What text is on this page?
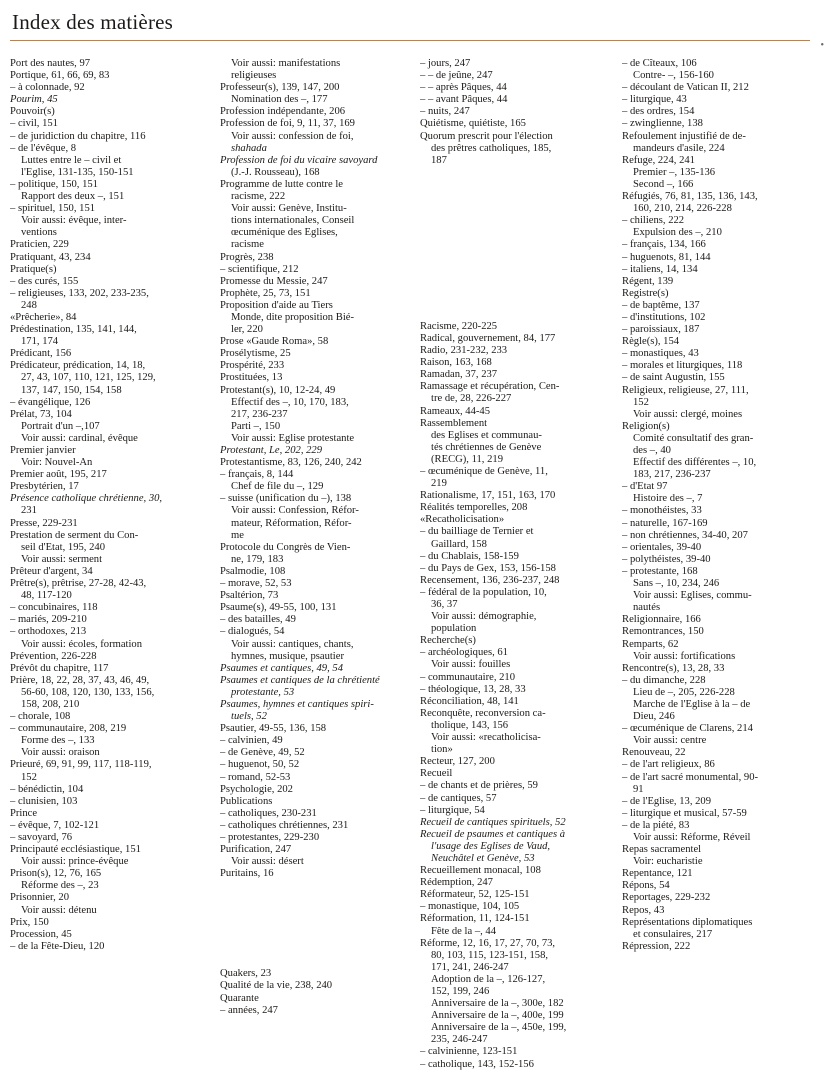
Index des matières
•
Port des nautes, 97
Portique, 61, 66, 69, 83
– à colonnade, 92
Pourim, 45
Pouvoir(s)
– civil, 151
– de juridiction du chapitre, 116
– de l'évêque, 8
Luttes entre le – civil et
l'Eglise, 131-135, 150-151
– politique, 150, 151
Rapport des deux –, 151
– spirituel, 150, 151
Voir aussi: évêque, inter-
ventions
Praticien, 229
Pratiquant, 43, 234
Pratique(s)
– des curés, 155
– religieuses, 133, 202, 233-235,
248
«Prêcherie», 84
Prédestination, 135, 141, 144,
171, 174
Prédicant, 156
Prédicateur, prédication, 14, 18,
27, 43, 107, 110, 121, 125, 129,
137, 147, 150, 154, 158
– évangélique, 126
Prélat, 73, 104
Portrait d'un –,107
Voir aussi: cardinal, évêque
Premier janvier
Voir: Nouvel-An
Premier août, 195, 217
Presbytérien, 17
Présence catholique chrétienne, 30,
231
Presse, 229-231
Prestation de serment du Con-
seil d'Etat, 195, 240
Voir aussi: serment
Prêteur d'argent, 34
Prêtre(s), prêtrise, 27-28, 42-43,
48, 117-120
– concubinaires, 118
– mariés, 209-210
– orthodoxes, 213
Voir aussi: écoles, formation
Prévention, 226-228
Prévôt du chapitre, 117
Prière, 18, 22, 28, 37, 43, 46, 49,
56-60, 108, 120, 130, 133, 156,
158, 208, 210
– chorale, 108
– communautaire, 208, 219
Forme des –, 133
Voir aussi: oraison
Prieuré, 69, 91, 99, 117, 118-119,
152
– bénédictin, 104
– clunisien, 103
Prince
– évêque, 7, 102-121
– savoyard, 76
Principauté ecclésiastique, 151
Voir aussi: prince-évêque
Prison(s), 12, 76, 165
Réforme des –, 23
Prisonnier, 20
Voir aussi: détenu
Prix, 150
Procession, 45
– de la Fête-Dieu, 120
Voir aussi: manifestations
religieuses
Professeur(s), 139, 147, 200
Nomination des –, 177
Profession indépendante, 206
Profession de foi, 9, 11, 37, 169
Voir aussi: confession de foi,
shahada
Profession de foi du vicaire savoyard
(J.-J. Rousseau), 168
Programme de lutte contre le
racisme, 222
Voir aussi: Genève, Institu-
tions internationales, Conseil
œcuménique des Eglises,
racisme
Progrès, 238
– scientifique, 212
Promesse du Messie, 247
Prophète, 25, 73, 151
Proposition d'aide au Tiers
Monde, dite proposition Bié-
ler, 220
Prose «Gaude Roma», 58
Prosélytisme, 25
Prospérité, 233
Prostituées, 13
Protestant(s), 10, 12-24, 49
Effectif des –, 10, 170, 183,
217, 236-237
Parti –, 150
Voir aussi: Eglise protestante
Protestant, Le, 202, 229
Protestantisme, 83, 126, 240, 242
– français, 8, 144
Chef de file du –, 129
– suisse (unification du –), 138
Voir aussi: Confession, Réfor-
mateur, Réformation, Réfor-
me
Protocole du Congrès de Vien-
ne, 179, 183
Psalmodie, 108
– morave, 52, 53
Psaltérion, 73
Psaume(s), 49-55, 100, 131
– des batailles, 49
– dialogués, 54
Voir aussi: cantiques, chants,
hymnes, musique, psautier
Psaumes et cantiques, 49, 54
Psaumes et cantiques de la chrétienté
protestante, 53
Psaumes, hymnes et cantiques spiri-
tuels, 52
Psautier, 49-55, 136, 158
– calvinien, 49
– de Genève, 49, 52
– huguenot, 50, 52
– romand, 52-53
Psychologie, 202
Publications
– catholiques, 230-231
– catholiques chrétiennes, 231
– protestantes, 229-230
Purification, 247
Voir aussi: désert
Puritains, 16
Quakers, 23
Qualité de la vie, 238, 240
Quarante
– années, 247
– jours, 247
– – de jeûne, 247
– – après Pâques, 44
– – avant Pâques, 44
– nuits, 247
Quiétisme, quiétiste, 165
Quorum prescrit pour l'élection
des prêtres catholiques, 185,
187
Racisme, 220-225
Radical, gouvernement, 84, 177
Radio, 231-232, 233
Raison, 163, 168
Ramadan, 37, 237
Ramassage et récupération, Cen-
tre de, 28, 226-227
Rameaux, 44-45
Rassemblement
des Eglises et communau-
tés chrétiennes de Genève
(RECG), 11, 219
– œcuménique de Genève, 11,
219
Rationalisme, 17, 151, 163, 170
Réalités temporelles, 208
«Recatholicisation»
– du bailliage de Ternier et
Gaillard, 158
– du Chablais, 158-159
– du Pays de Gex, 153, 156-158
Recensement, 136, 236-237, 248
– fédéral de la population, 10,
36, 37
Voir aussi: démographie,
population
Recherche(s)
– archéologiques, 61
Voir aussi: fouilles
– communautaire, 210
– théologique, 13, 28, 33
Réconciliation, 48, 141
Reconquête, reconversion ca-
tholique, 143, 156
Voir aussi: «recatholicisa-
tion»
Recteur, 127, 200
Recueil
– de chants et de prières, 59
– de cantiques, 57
– liturgique, 54
Recueil de cantiques spirituels, 52
Recueil de psaumes et cantiques à
l'usage des Eglises de Vaud,
Neuchâtel et Genève, 53
Recueillement monacal, 108
Rédemption, 247
Réformateur, 52, 125-151
– monastique, 104, 105
Réformation, 11, 124-151
Fête de la –, 44
Réforme, 12, 16, 17, 27, 70, 73,
80, 103, 115, 123-151, 158,
171, 241, 246-247
Adoption de la –, 126-127,
152, 199, 246
Anniversaire de la –, 300e, 182
Anniversaire de la –, 400e, 199
Anniversaire de la –, 450e, 199,
235, 246-247
– calvinienne, 123-151
– catholique, 143, 152-156
– de Cîteaux, 106
Contre- –, 156-160
– découlant de Vatican II, 212
– liturgique, 43
– des ordres, 154
– zwinglienne, 138
Refoulement injustifié de de-
mandeurs d'asile, 224
Refuge, 224, 241
Premier –, 135-136
Second –, 166
Réfugiés, 76, 81, 135, 136, 143,
160, 210, 214, 226-228
– chiliens, 222
Expulsion des –, 210
– français, 134, 166
– huguenots, 81, 144
– italiens, 14, 134
Régent, 139
Registre(s)
– de baptême, 137
– d'institutions, 102
– paroissiaux, 187
Règle(s), 154
– monastiques, 43
– morales et liturgiques, 118
– de saint Augustin, 155
Religieux, religieuse, 27, 111,
152
Voir aussi: clergé, moines
Religion(s)
Comité consultatif des gran-
des –, 40
Effectif des différentes –, 10,
183, 217, 236-237
– d'Etat 97
Histoire des –, 7
– monothéistes, 33
– naturelle, 167-169
– non chrétiennes, 34-40, 207
– orientales, 39-40
– polythéistes, 39-40
– protestante, 168
Sans –, 10, 234, 246
Voir aussi: Eglises, commu-
nautés
Religionnaire, 166
Remontrances, 150
Remparts, 62
Voir aussi: fortifications
Rencontre(s), 13, 28, 33
– du dimanche, 228
Lieu de –, 205, 226-228
Marche de l'Eglise à la – de
Dieu, 246
– œcuménique de Clarens, 214
Voir aussi: centre
Renouveau, 22
– de l'art religieux, 86
– de l'art sacré monumental, 90-
91
– de l'Eglise, 13, 209
– liturgique et musical, 57-59
– de la piété, 83
Voir aussi: Réforme, Réveil
Repas sacramentel
Voir: eucharistie
Repentance, 121
Répons, 54
Reportages, 229-232
Repos, 43
Représentations diplomatiques
et consulaires, 217
Répression, 222
